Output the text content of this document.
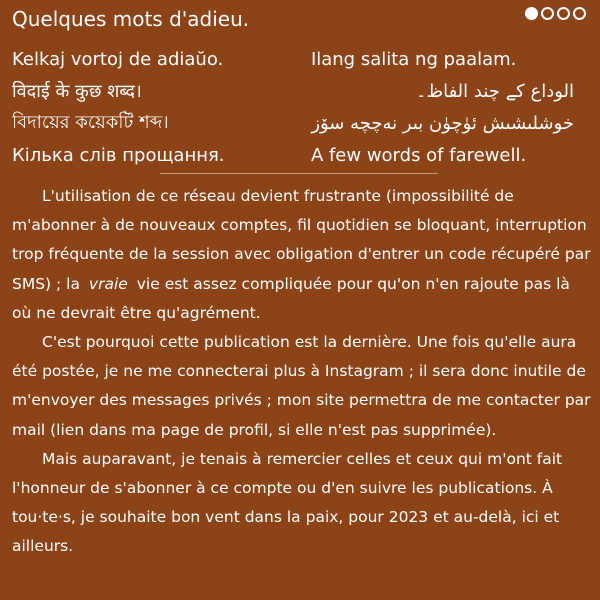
Quelques mots d'adieu.
Kelkaj vortoj de adiaŭo.	Ilang salita ng paalam.
विदाई के कुछ शब्द।	الوداع کے چند الفاظ۔
বিদায়ের কয়েকটি শব্দ।	خوشلىشىش ئۈچۈن بىر نەچچە سۆز
Кілька слів прощання.	A few words of farewell.

L'utilisation de ce réseau devient frustrante (impossibilité de m'abonner à de nouveaux comptes, fil quotidien se bloquant, interruption trop fréquente de la session avec obligation d'entrer un code récupéré par SMS) ; la vraie vie est assez compliquée pour qu'on n'en rajoute pas là où ne devrait être qu'agrément.

C'est pourquoi cette publication est la dernière. Une fois qu'elle aura été postée, je ne me connecterai plus à Instagram ; il sera donc inutile de m'envoyer des messages privés ; mon site permettra de me contacter par mail (lien dans ma page de profil, si elle n'est pas supprimée).

Mais auparavant, je tenais à remercier celles et ceux qui m'ont fait l'honneur de s'abonner à ce compte ou d'en suivre les publications. À tou·te·s, je souhaite bon vent dans la paix, pour 2023 et au-delà, ici et ailleurs.
